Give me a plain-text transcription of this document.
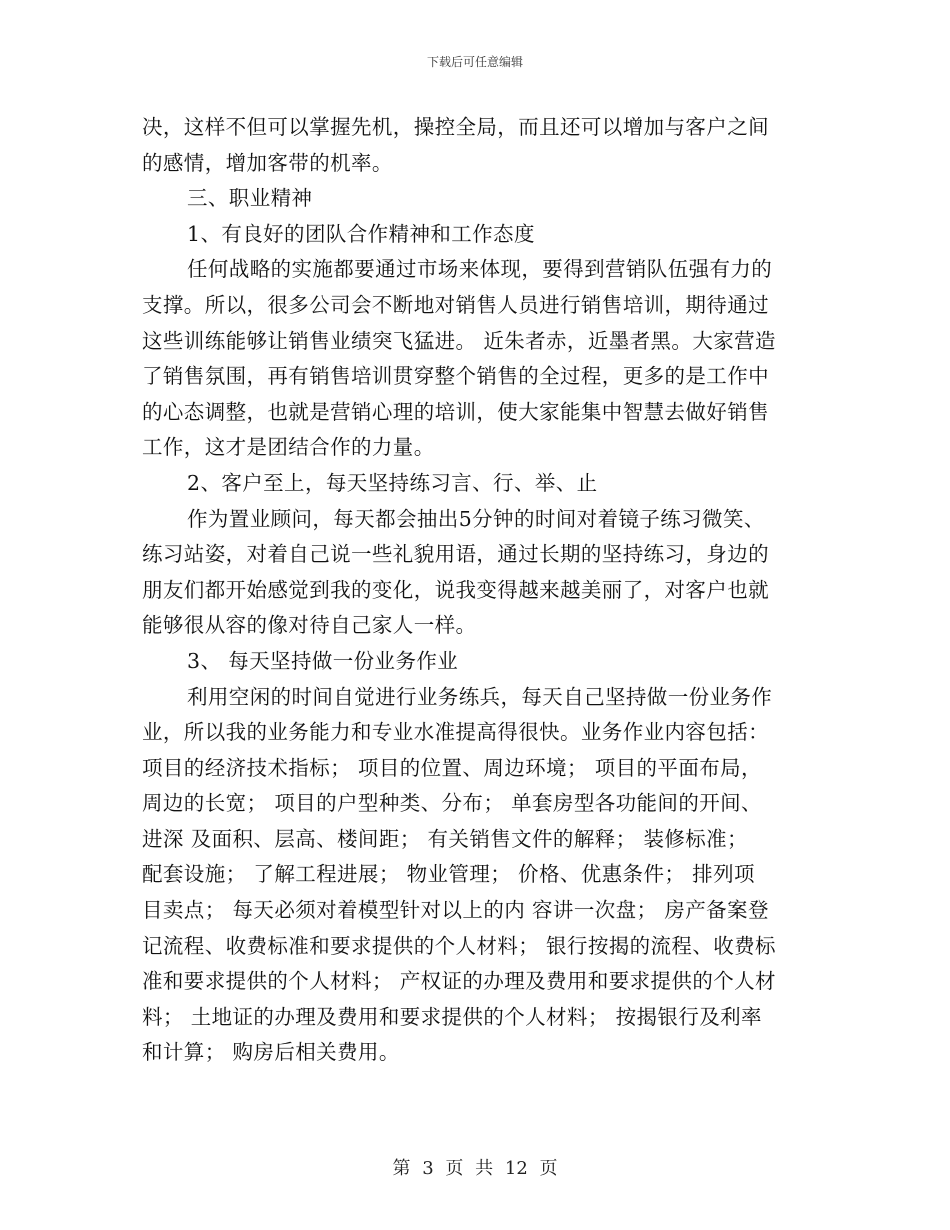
下载后可任意编辑
决，这样不但可以掌握先机，操控全局，而且还可以增加与客户之间
的感情，增加客带的机率。
三、职业精神
1、有良好的团队合作精神和工作态度
任何战略的实施都要通过市场来体现，要得到营销队伍强有力的
支撑。所以，很多公司会不断地对销售人员进行销售培训，期待通过
这些训练能够让销售业绩突飞猛进。 近朱者赤，近墨者黑。大家营造
了销售氛围，再有销售培训贯穿整个销售的全过程，更多的是工作中
的心态调整，也就是营销心理的培训，使大家能集中智慧去做好销售
工作，这才是团结合作的力量。
2、客户至上，每天坚持练习言、行、举、止
作为置业顾问，每天都会抽出5分钟的时间对着镜子练习微笑、
练习站姿，对着自己说一些礼貌用语，通过长期的坚持练习，身边的
朋友们都开始感觉到我的变化，说我变得越来越美丽了，对客户也就
能够很从容的像对待自己家人一样。
3、 每天坚持做一份业务作业
利用空闲的时间自觉进行业务练兵，每天自己坚持做一份业务作
业，所以我的业务能力和专业水准提高得很快。业务作业内容包括：
项目的经济技术指标； 项目的位置、周边环境； 项目的平面布局，
周边的长宽； 项目的户型种类、分布； 单套房型各功能间的开间、
进深 及面积、层高、楼间距； 有关销售文件的解释； 装修标准；
配套设施； 了解工程进展； 物业管理； 价格、优惠条件； 排列项
目卖点； 每天必须对着模型针对以上的内 容讲一次盘； 房产备案登
记流程、收费标准和要求提供的个人材料； 银行按揭的流程、收费标
准和要求提供的个人材料； 产权证的办理及费用和要求提供的个人材
料； 土地证的办理及费用和要求提供的个人材料； 按揭银行及利率
和计算； 购房后相关费用。
第 3 页 共 12 页
